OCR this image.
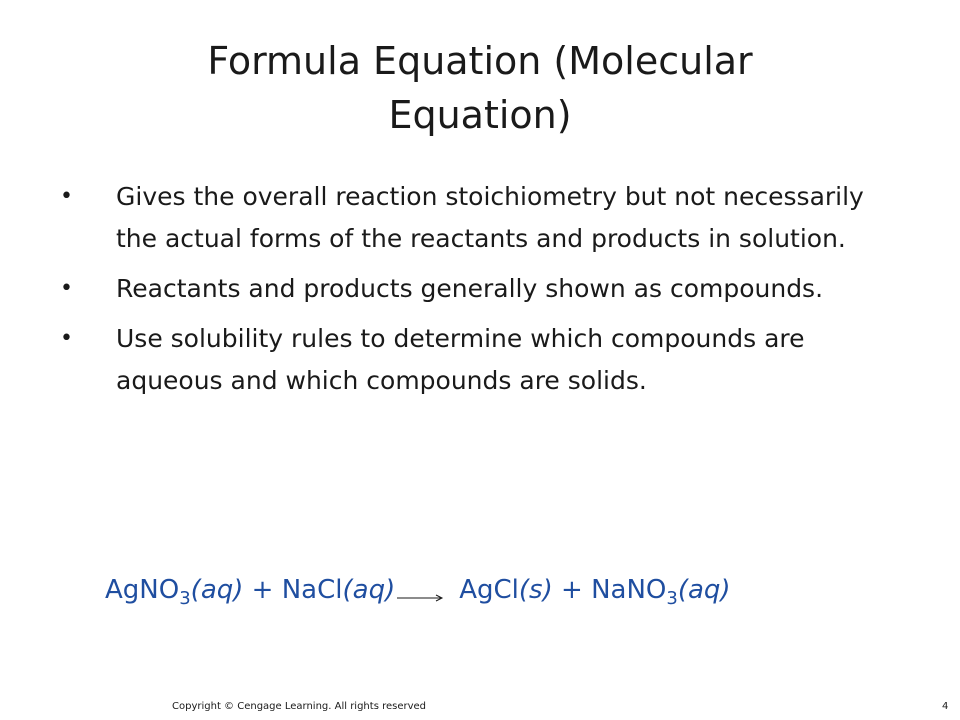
Formula Equation (Molecular Equation)
• Gives the overall reaction stoichiometry but not necessarily the actual forms of the reactants and products in solution.
• Reactants and products generally shown as compounds.
• Use solubility rules to determine which compounds are aqueous and which compounds are solids.
AgNO$_3$(aq) + NaCl(aq)→ AgCl(s) + NaNO$_3$(aq)
Copyright © Cengage Learning. All rights reserved	4
